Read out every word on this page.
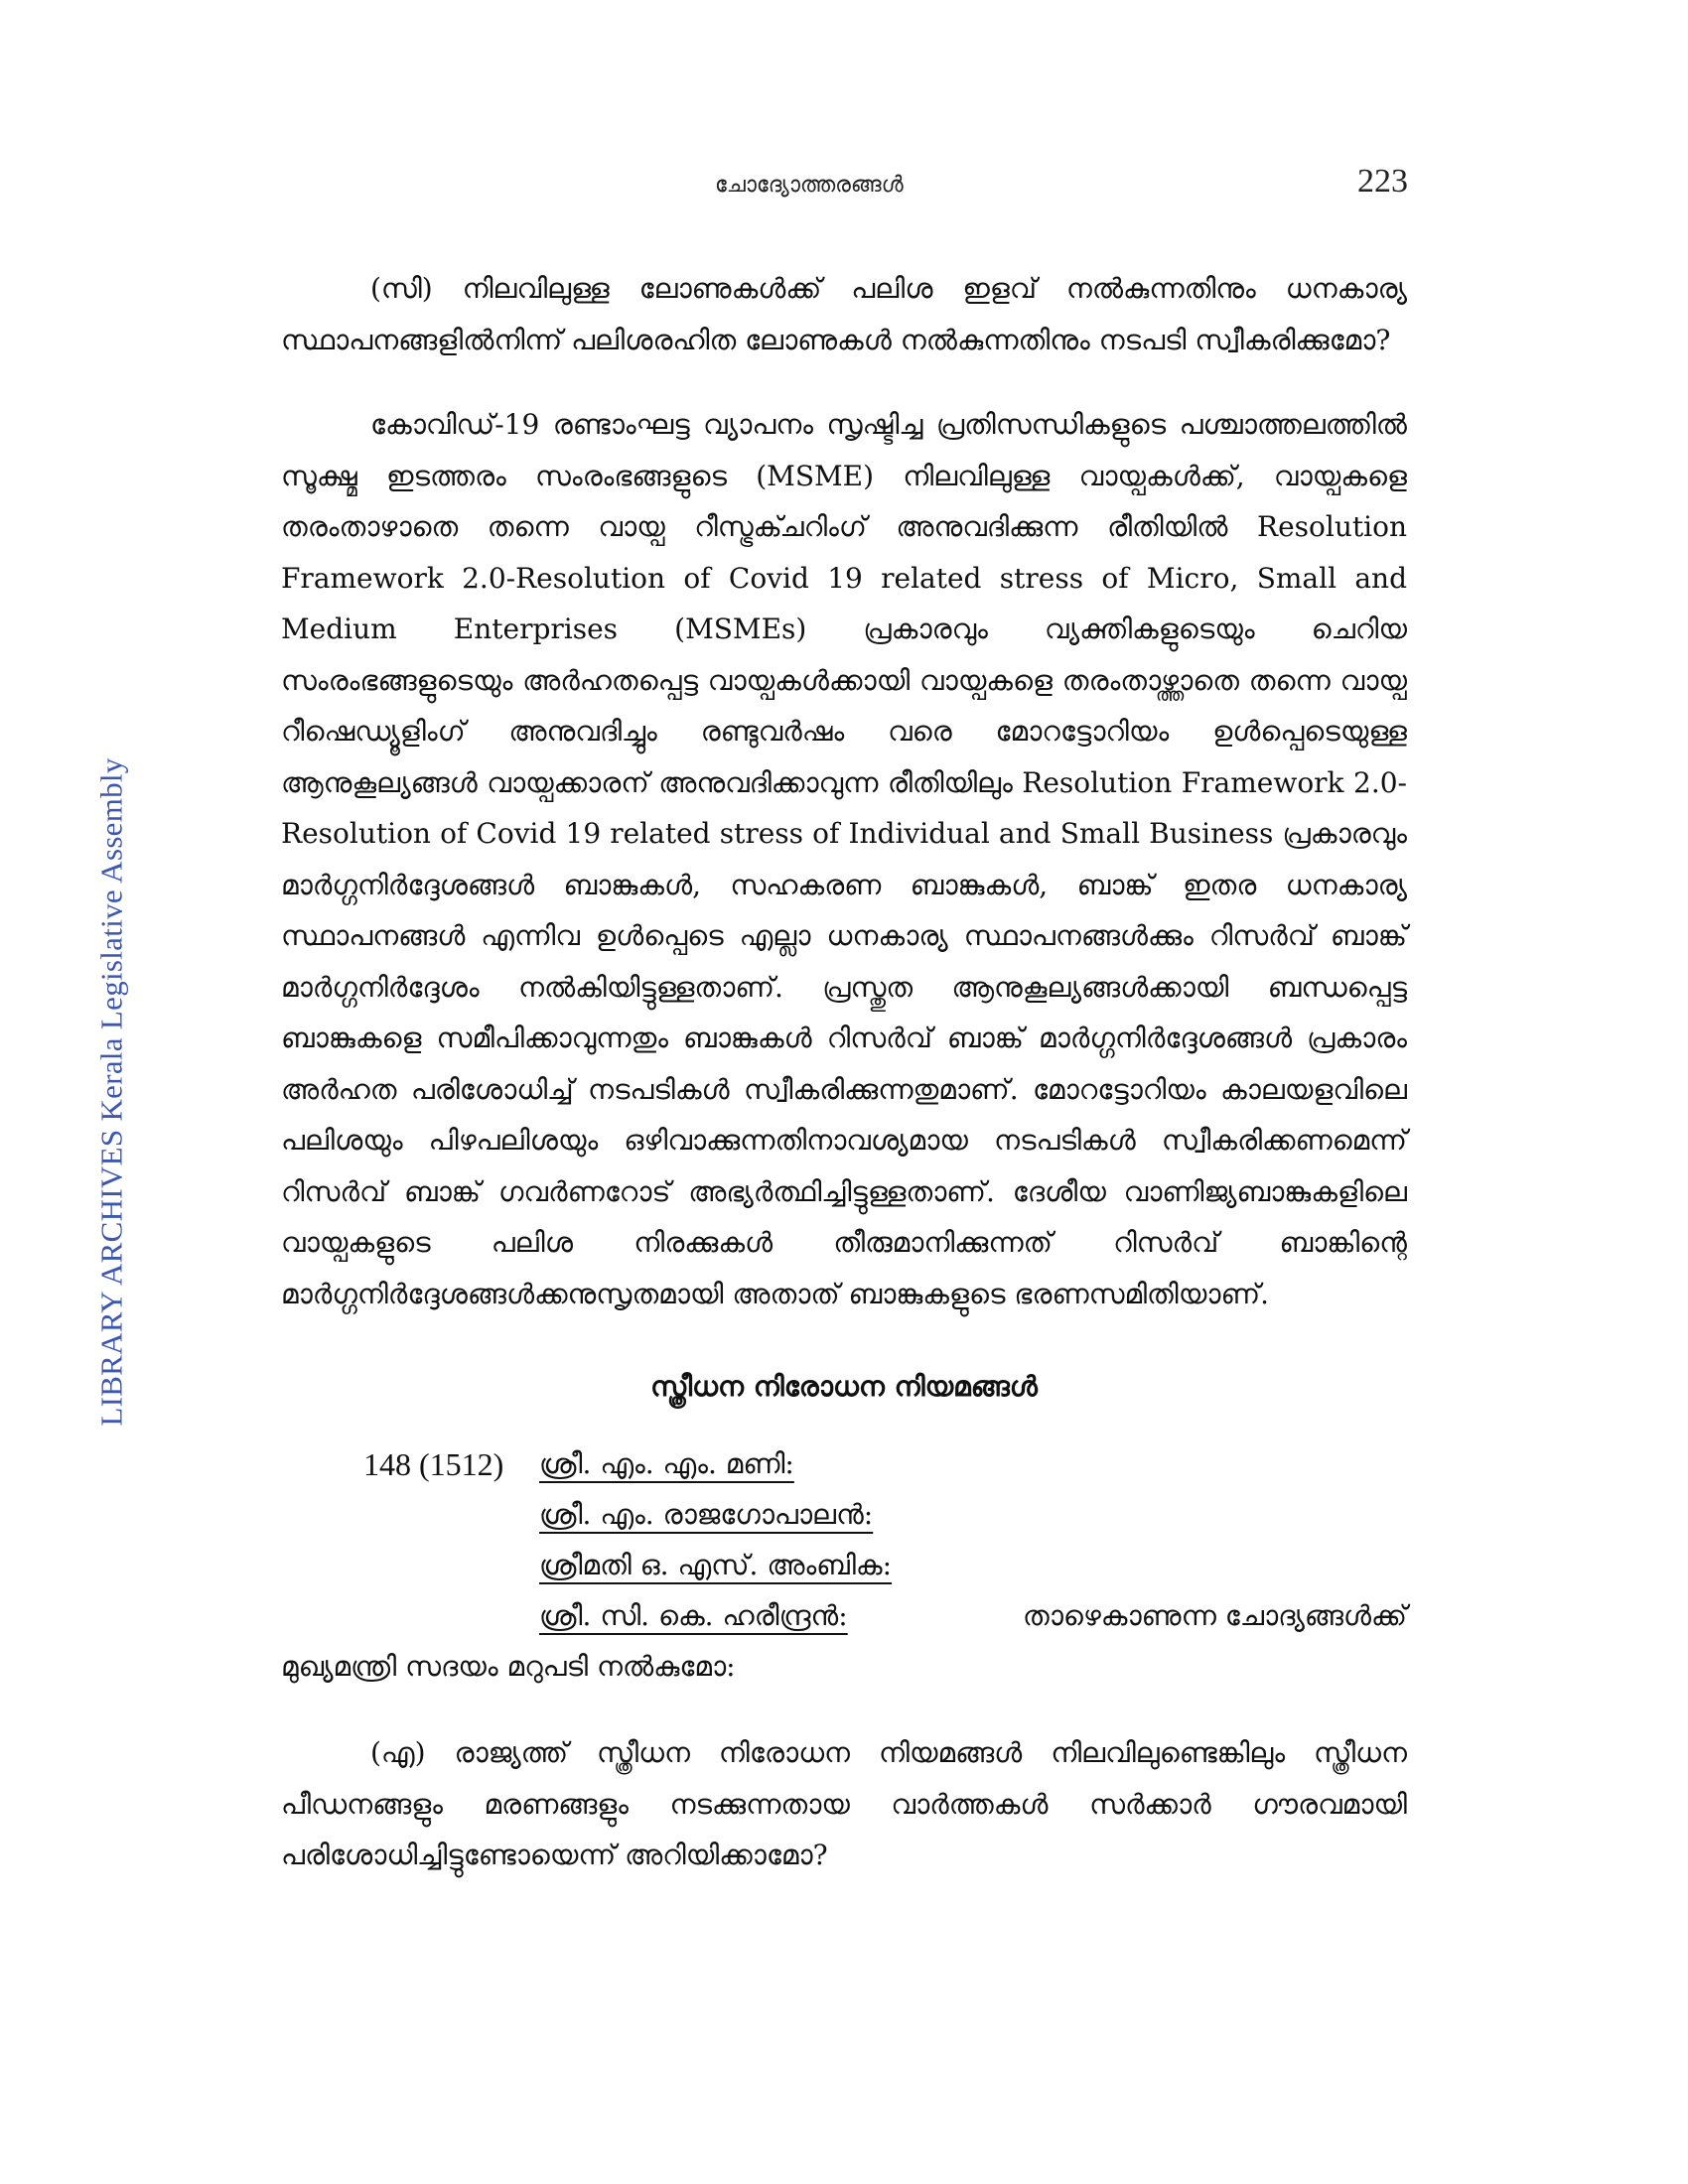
LIBRARY ARCHIVES Kerala Legislative Assembly
ചോദ്യോത്തരങ്ങൾ	223

(സി) നിലവിലുള്ള ലോണുകൾക്ക് പലിശ ഇളവ് നൽകുന്നതിനും ധനകാര്യ സ്ഥാപനങ്ങളിൽനിന്ന് പലിശരഹിത ലോണുകൾ നൽകുന്നതിനും നടപടി സ്വീകരിക്കുമോ?

കോവിഡ്-19 രണ്ടാംഘട്ട വ്യാപനം സൃഷ്ടിച്ച പ്രതിസന്ധികളുടെ പശ്ചാത്തലത്തിൽ സൂക്ഷ്മ ഇടത്തരം സംരംഭങ്ങളുടെ (MSME) നിലവിലുള്ള വായ്പകൾക്ക്, വായ്പകളെ തരംതാഴാതെ തന്നെ വായ്പ റീസ്ട്രക്ചറിംഗ് അനുവദിക്കുന്ന രീതിയിൽ Resolution Framework 2.0-Resolution of Covid 19 related stress of Micro, Small and Medium Enterprises (MSMEs) പ്രകാരവും വ്യക്തികളുടെയും ചെറിയ സംരംഭങ്ങളുടെയും അർഹതപ്പെട്ട വായ്പകൾക്കായി വായ്പകളെ തരംതാഴ്ത്താതെ തന്നെ വായ്പ റീഷെഡ്യൂളിംഗ് അനുവദിച്ചും രണ്ടുവർഷം വരെ മോറട്ടോറിയം ഉൾപ്പെടെയുള്ള ആനുകൂല്യങ്ങൾ വായ്പക്കാരന് അനുവദിക്കാവുന്ന രീതിയിലും Resolution Framework 2.0- Resolution of Covid 19 related stress of Individual and Small Business പ്രകാരവും മാർഗ്ഗനിർദ്ദേശങ്ങൾ ബാങ്കുകൾ, സഹകരണ ബാങ്കുകൾ, ബാങ്ക് ഇതര ധനകാര്യ സ്ഥാപനങ്ങൾ എന്നിവ ഉൾപ്പെടെ എല്ലാ ധനകാര്യ സ്ഥാപനങ്ങൾക്കും റിസർവ് ബാങ്ക് മാർഗ്ഗനിർദ്ദേശം നൽകിയിട്ടുള്ളതാണ്. പ്രസ്തുത ആനുകൂല്യങ്ങൾക്കായി ബന്ധപ്പെട്ട ബാങ്കുകളെ സമീപിക്കാവുന്നതും ബാങ്കുകൾ റിസർവ് ബാങ്ക് മാർഗ്ഗനിർദ്ദേശങ്ങൾ പ്രകാരം അർഹത പരിശോധിച്ച് നടപടികൾ സ്വീകരിക്കുന്നതുമാണ്. മോറട്ടോറിയം കാലയളവിലെ പലിശയും പിഴപലിശയും ഒഴിവാക്കുന്നതിനാവശ്യമായ നടപടികൾ സ്വീകരിക്കണമെന്ന് റിസർവ് ബാങ്ക് ഗവർണറോട് അഭ്യർത്ഥിച്ചിട്ടുള്ളതാണ്. ദേശീയ വാണിജ്യബാങ്കുകളിലെ വായ്പകളുടെ പലിശ നിരക്കുകൾ തീരുമാനിക്കുന്നത് റിസർവ് ബാങ്കിന്റെ മാർഗ്ഗനിർദ്ദേശങ്ങൾക്കനുസൃതമായി അതാത് ബാങ്കുകളുടെ ഭരണസമിതിയാണ്.

സ്ത്രീധന നിരോധന നിയമങ്ങൾ
148 (1512) ശ്രീ. എം. എം. മണി:
ശ്രീ. എം. രാജഗോപാലൻ:
ശ്രീമതി ഒ. എസ്. അംബിക:
ശ്രീ. സി. കെ. ഹരീന്ദ്രൻ:	താഴെകാണുന്ന ചോദ്യങ്ങൾക്ക്
മുഖ്യമന്ത്രി സദയം മറുപടി നൽകുമോ:

(എ) രാജ്യത്ത് സ്ത്രീധന നിരോധന നിയമങ്ങൾ നിലവിലുണ്ടെങ്കിലും സ്ത്രീധന പീഡനങ്ങളും മരണങ്ങളും നടക്കുന്നതായ വാർത്തകൾ സർക്കാർ ഗൗരവമായി പരിശോധിച്ചിട്ടുണ്ടോയെന്ന് അറിയിക്കാമോ?
